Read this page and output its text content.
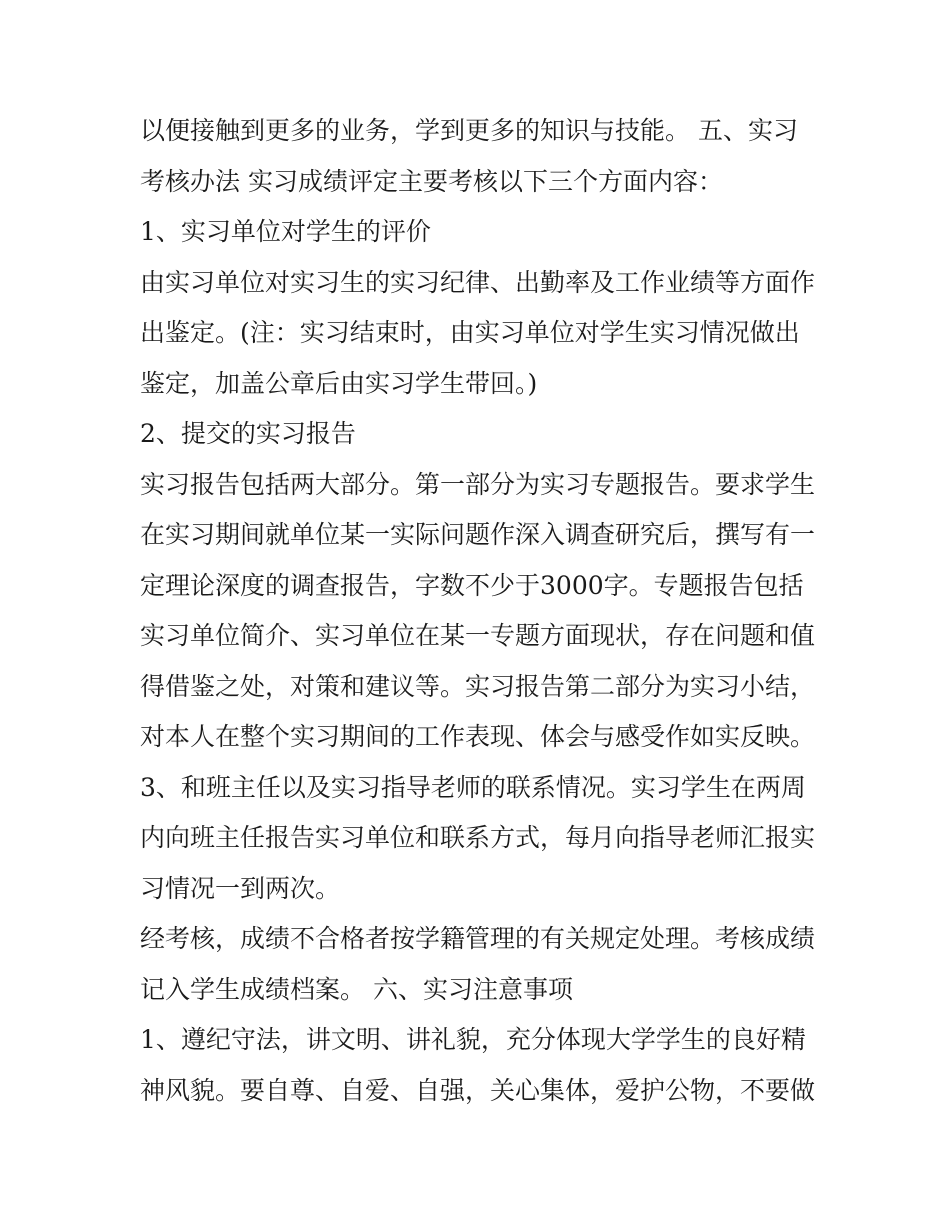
以便接触到更多的业务，学到更多的知识与技能。 五、实习
考核办法 实习成绩评定主要考核以下三个方面内容：
1、实习单位对学生的评价
由实习单位对实习生的实习纪律、出勤率及工作业绩等方面作
出鉴定。(注：实习结束时，由实习单位对学生实习情况做出
鉴定，加盖公章后由实习学生带回。)
2、提交的实习报告
实习报告包括两大部分。第一部分为实习专题报告。要求学生
在实习期间就单位某一实际问题作深入调查研究后，撰写有一
定理论深度的调查报告，字数不少于3000字。专题报告包括
实习单位简介、实习单位在某一专题方面现状，存在问题和值
得借鉴之处，对策和建议等。实习报告第二部分为实习小结，
对本人在整个实习期间的工作表现、体会与感受作如实反映。
3、和班主任以及实习指导老师的联系情况。实习学生在两周
内向班主任报告实习单位和联系方式，每月向指导老师汇报实
习情况一到两次。
经考核，成绩不合格者按学籍管理的有关规定处理。考核成绩
记入学生成绩档案。 六、实习注意事项
1、遵纪守法，讲文明、讲礼貌，充分体现大学学生的良好精
神风貌。要自尊、自爱、自强，关心集体，爱护公物，不要做
